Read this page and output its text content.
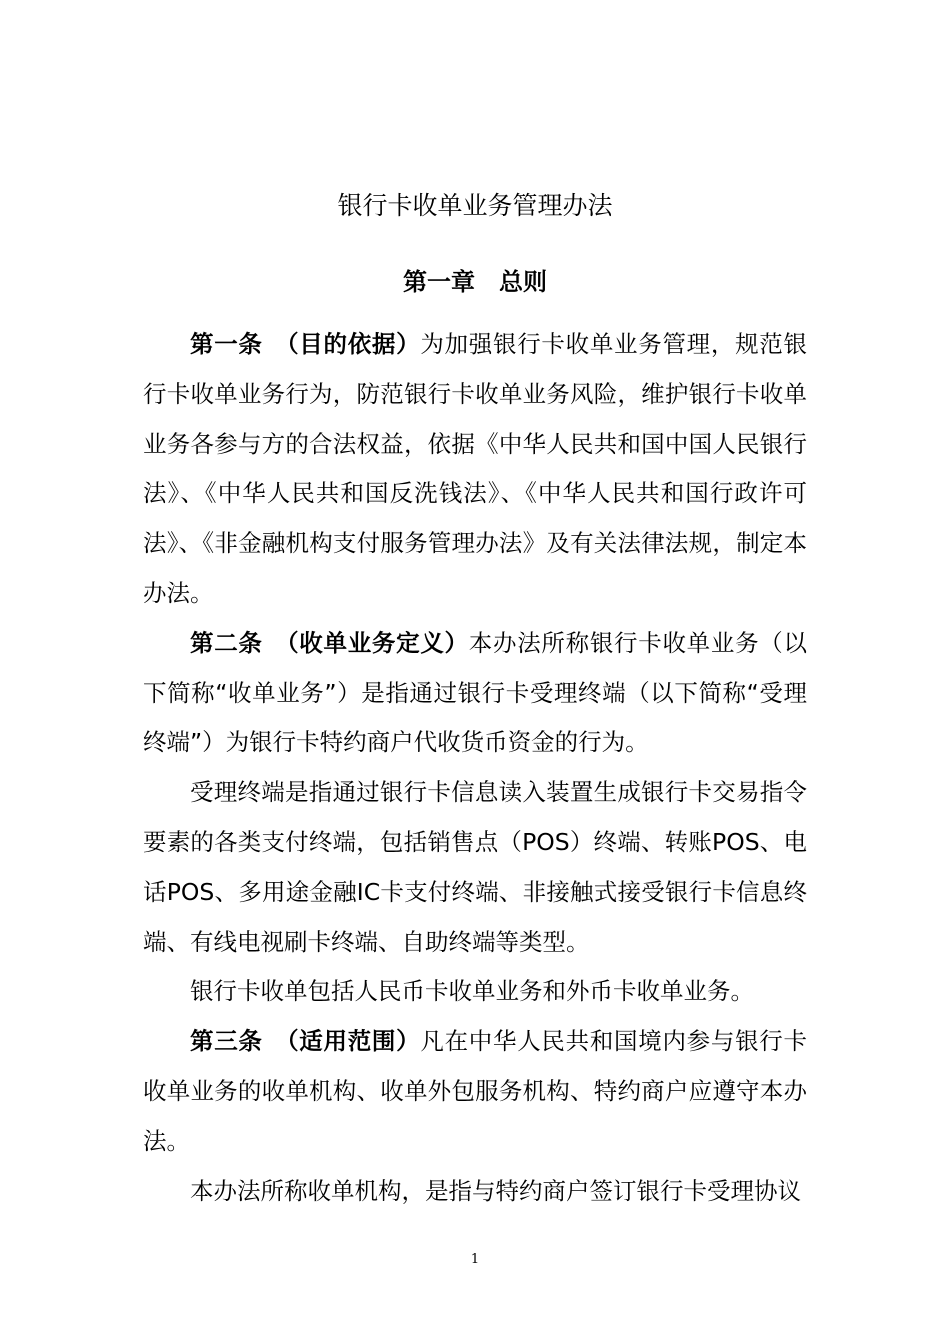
银行卡收单业务管理办法
第一章　总则

第一条　（目的依据）为加强银行卡收单业务管理，规范银行卡收单业务行为，防范银行卡收单业务风险，维护银行卡收单业务各参与方的合法权益，依据《中华人民共和国中国人民银行法》、《中华人民共和国反洗钱法》、《中华人民共和国行政许可法》、《非金融机构支付服务管理办法》及有关法律法规，制定本办法。

第二条　（收单业务定义）本办法所称银行卡收单业务（以下简称“收单业务”）是指通过银行卡受理终端（以下简称“受理终端”）为银行卡特约商户代收货币资金的行为。

受理终端是指通过银行卡信息读入装置生成银行卡交易指令要素的各类支付终端，包括销售点（POS）终端、转账POS、电话POS、多用途金融IC卡支付终端、非接触式接受银行卡信息终端、有线电视刷卡终端、自助终端等类型。

银行卡收单包括人民币卡收单业务和外币卡收单业务。

第三条　（适用范围）凡在中华人民共和国境内参与银行卡收单业务的收单机构、收单外包服务机构、特约商户应遵守本办法。

本办法所称收单机构，是指与特约商户签订银行卡受理协议

1
